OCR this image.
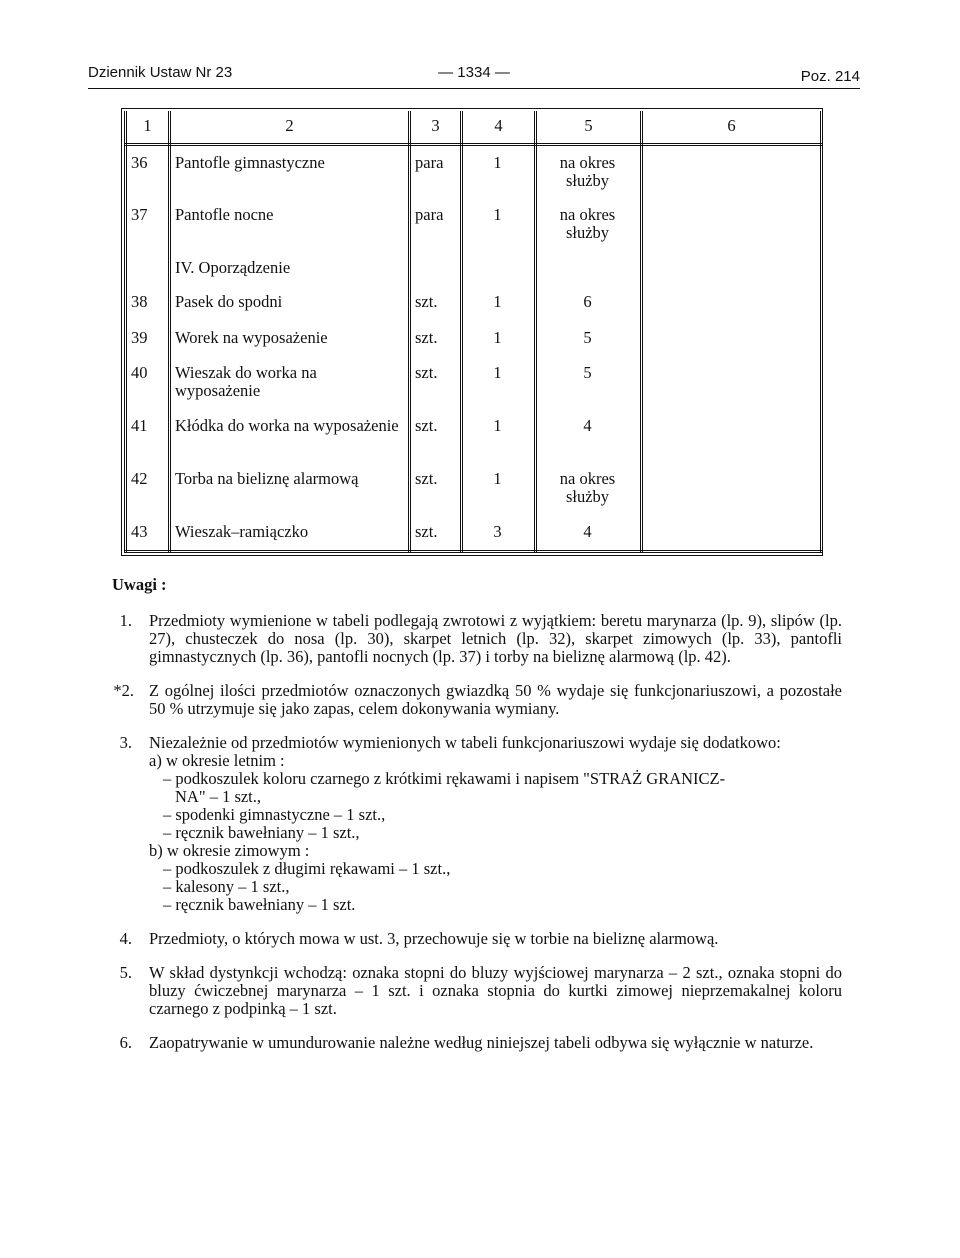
Dziennik Ustaw Nr 23	— 1334 —	Poz. 214
1	2	3	4	5	6
36	Pantofle gimnastyczne	para	1	na okres służby	
37	Pantofle nocne	para	1	na okres służby	
	IV. Oporządzenie				
38	Pasek do spodni	szt.	1	6	
39	Worek na wyposażenie	szt.	1	5	
40	Wieszak do worka na wyposażenie	szt.	1	5	
41	Kłódka do worka na wyposażenie	szt.	1	4	
42	Torba na bieliznę alarmową	szt.	1	na okres służby	
43	Wieszak–ramiączko	szt.	3	4	
Uwagi :
1. Przedmioty wymienione w tabeli podlegają zwrotowi z wyjątkiem: beretu marynarza (lp. 9), slipów (lp. 27), chusteczek do nosa (lp. 30), skarpet letnich (lp. 32), skarpet zimowych (lp. 33), pantofli gimnastycznych (lp. 36), pantofli nocnych (lp. 37) i torby na bieliznę alarmową (lp. 42).

*2. Z ogólnej ilości przedmiotów oznaczonych gwiazdką 50 % wydaje się funkcjonariuszowi, a pozostałe 50 % utrzymuje się jako zapas, celem dokonywania wymiany.

3. Niezależnie od przedmiotów wymienionych w tabeli funkcjonariuszowi wydaje się dodatkowo:

a) w okresie letnim :
– podkoszulek koloru czarnego z krótkimi rękawami i napisem "STRAŻ GRANICZ-
NA" – 1 szt.,
– spodenki gimnastyczne – 1 szt.,
– ręcznik bawełniany – 1 szt.,
b) w okresie zimowym :
– podkoszulek z długimi rękawami – 1 szt.,
– kalesony – 1 szt.,
– ręcznik bawełniany – 1 szt.
4. Przedmioty, o których mowa w ust. 3, przechowuje się w torbie na bieliznę alarmową.

5. W skład dystynkcji wchodzą: oznaka stopni do bluzy wyjściowej marynarza – 2 szt., oznaka stopni do bluzy ćwiczebnej marynarza – 1 szt. i oznaka stopnia do kurtki zimowej nieprzemakalnej koloru czarnego z podpinką – 1 szt.

6. Zaopatrywanie w umundurowanie należne według niniejszej tabeli odbywa się wyłącznie w naturze.
